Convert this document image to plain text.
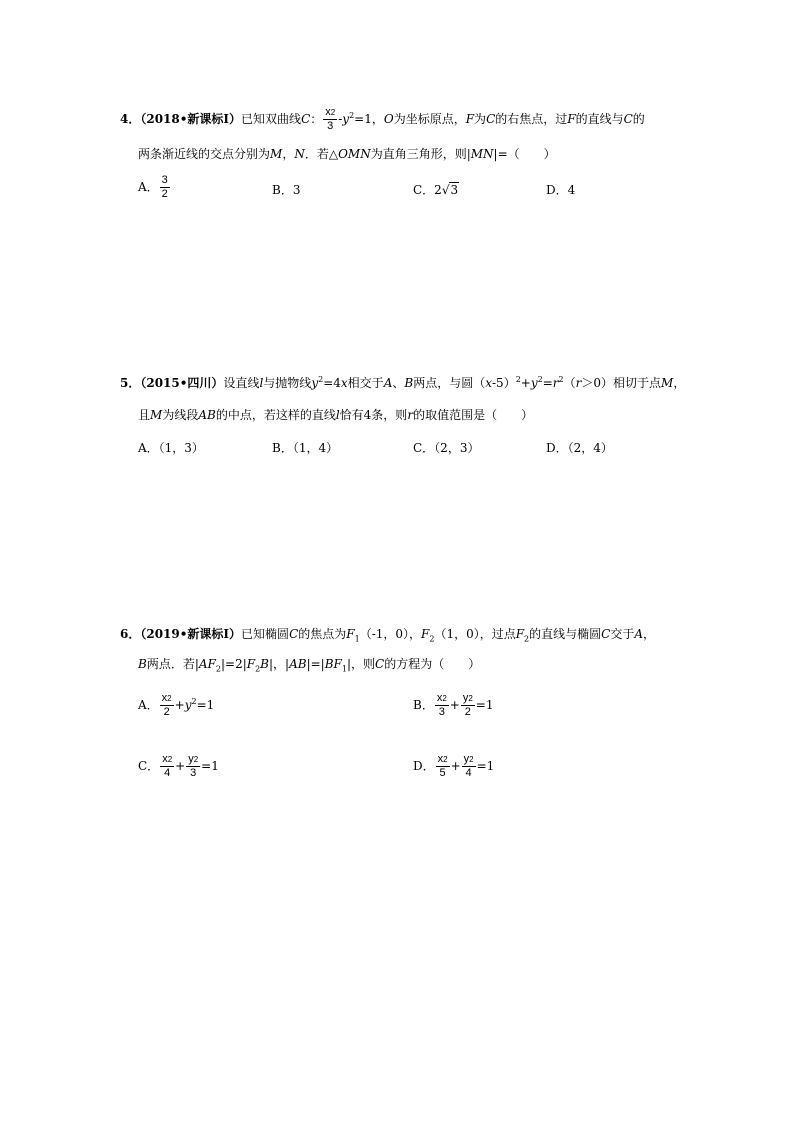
4．（2018•新课标Ⅰ）已知双曲线C： $\frac{x^2}{3} -y^2=1$，O为坐标原点，F为C的右焦点，过F的直线与C的
两条渐近线的交点分别为M，N．若△OMN为直角三角形，则|MN|=（　　）
A． $\frac{3}{2}$	B．3	C．2√3	D．4
5．（2015•四川）设直线l与抛物线$y^2=4x$相交于A、B两点，与圆$(x-5)^2+y^2=r^2(r>0)$相切于点M，
且M为线段AB的中点，若这样的直线l恰有4条，则r的取值范围是（　　）
A．（1，3）	B．（1，4）	C．（2，3）	D．（2，4）
6．（2019•新课标Ⅰ）已知椭圆C的焦点为$F_1(-1$，0），$F_2(1$，0），过点$F_2$的直线与椭圆C交于A，
B两点．若$|AF_2|=2|F_2B|$，$|AB|=|BF_1|$，则C的方程为（　　）
A． $\frac{x^2}{2} +y^2=1$	B． $\frac{x^2}{3} + \frac{y^2}{2} =1$
C． $\frac{x^2}{4} + \frac{y^2}{3} =1$	D． $\frac{x^2}{5} + \frac{y^2}{4} =1$
